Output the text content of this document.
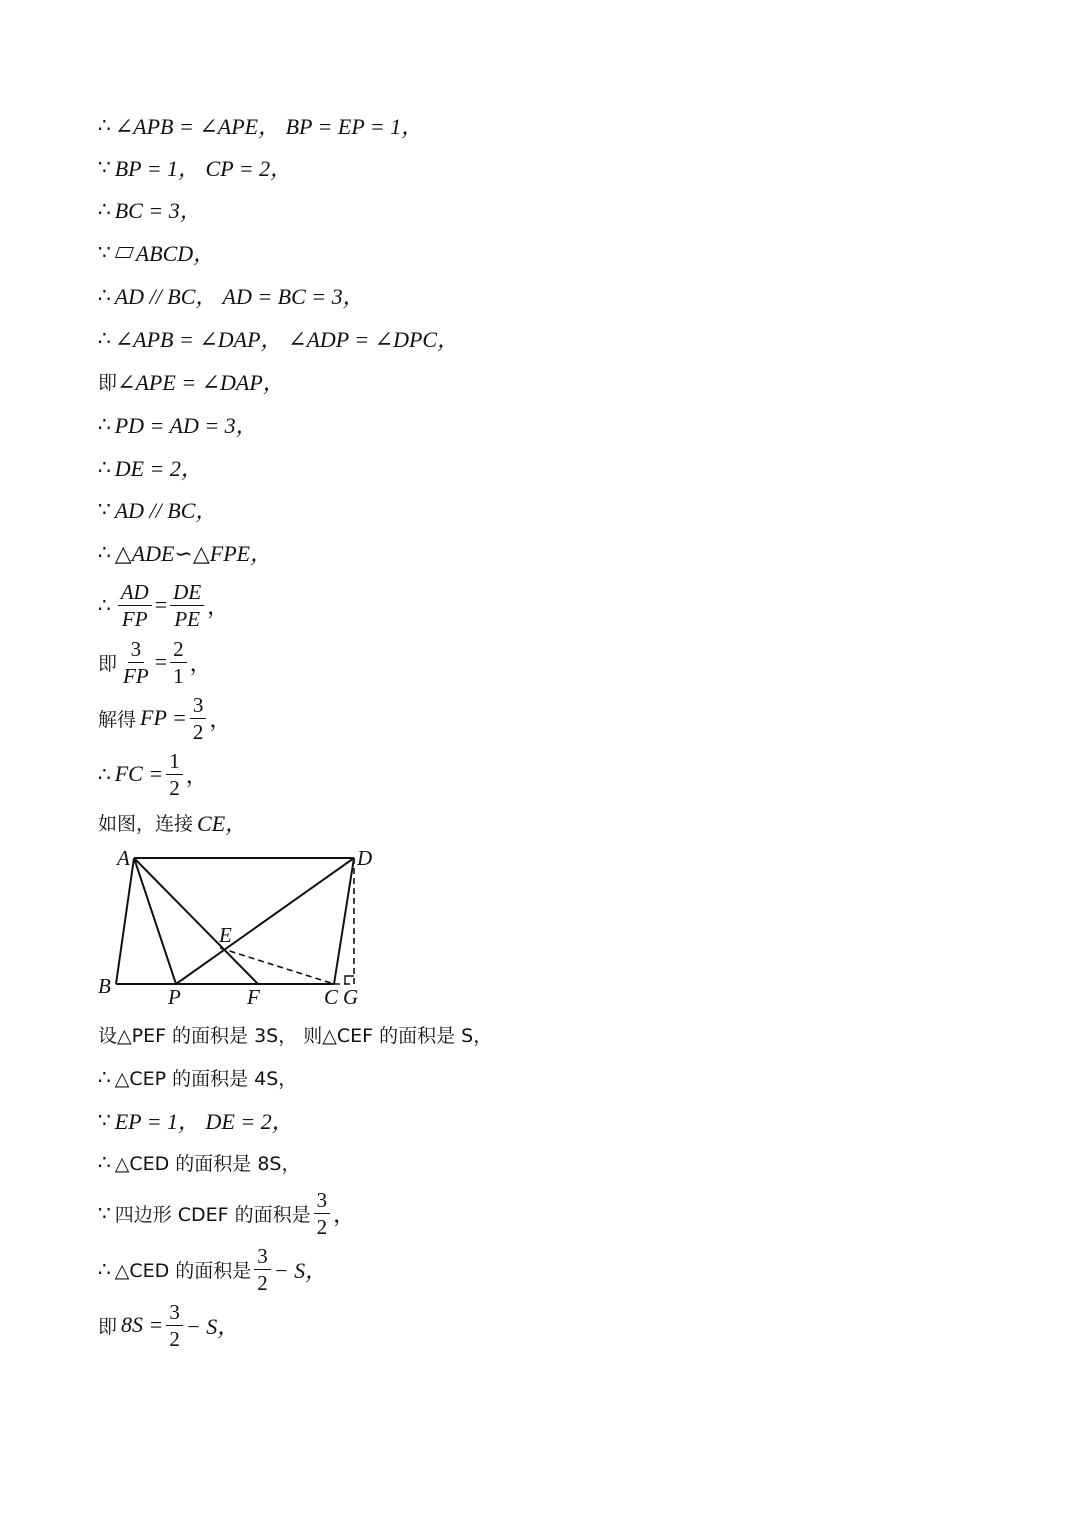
∴ ∠APB = ∠APE， BP = EP = 1，
∵ BP = 1， CP = 2，
∴ BC = 3，
∵ ABCD，
∴ AD // BC， AD = BC = 3，
∴ ∠APB = ∠DAP， ∠ADP = ∠DPC，
即 ∠APE = ∠DAP，
∴ PD = AD = 3，
∴ DE = 2，
∵ AD // BC，
∴ △ADE∽△FPE，
∴ $\frac{AD}{FP} = \frac{DE}{PE}$ ，
即 $\frac{3}{FP} = \frac{2}{1}$ ，
解得 FP = $\frac{3}{2}$ ，
∴ FC = $\frac{1}{2}$ ，
如图，连接 CE，
A	D
E
B	P	F	C G
设△PEF 的面积是 3S， 则△CEF 的面积是 S，
∴ △CEP 的面积是 4S，
∵ EP = 1， DE = 2，
∴ △CED 的面积是 8S，
∵ 四边形 CDEF 的面积是 $\frac{3}{2}$ ，
∴ △CED 的面积是 $\frac{3}{2} - S$，
即 $8S = \frac{3}{2} - S$，
